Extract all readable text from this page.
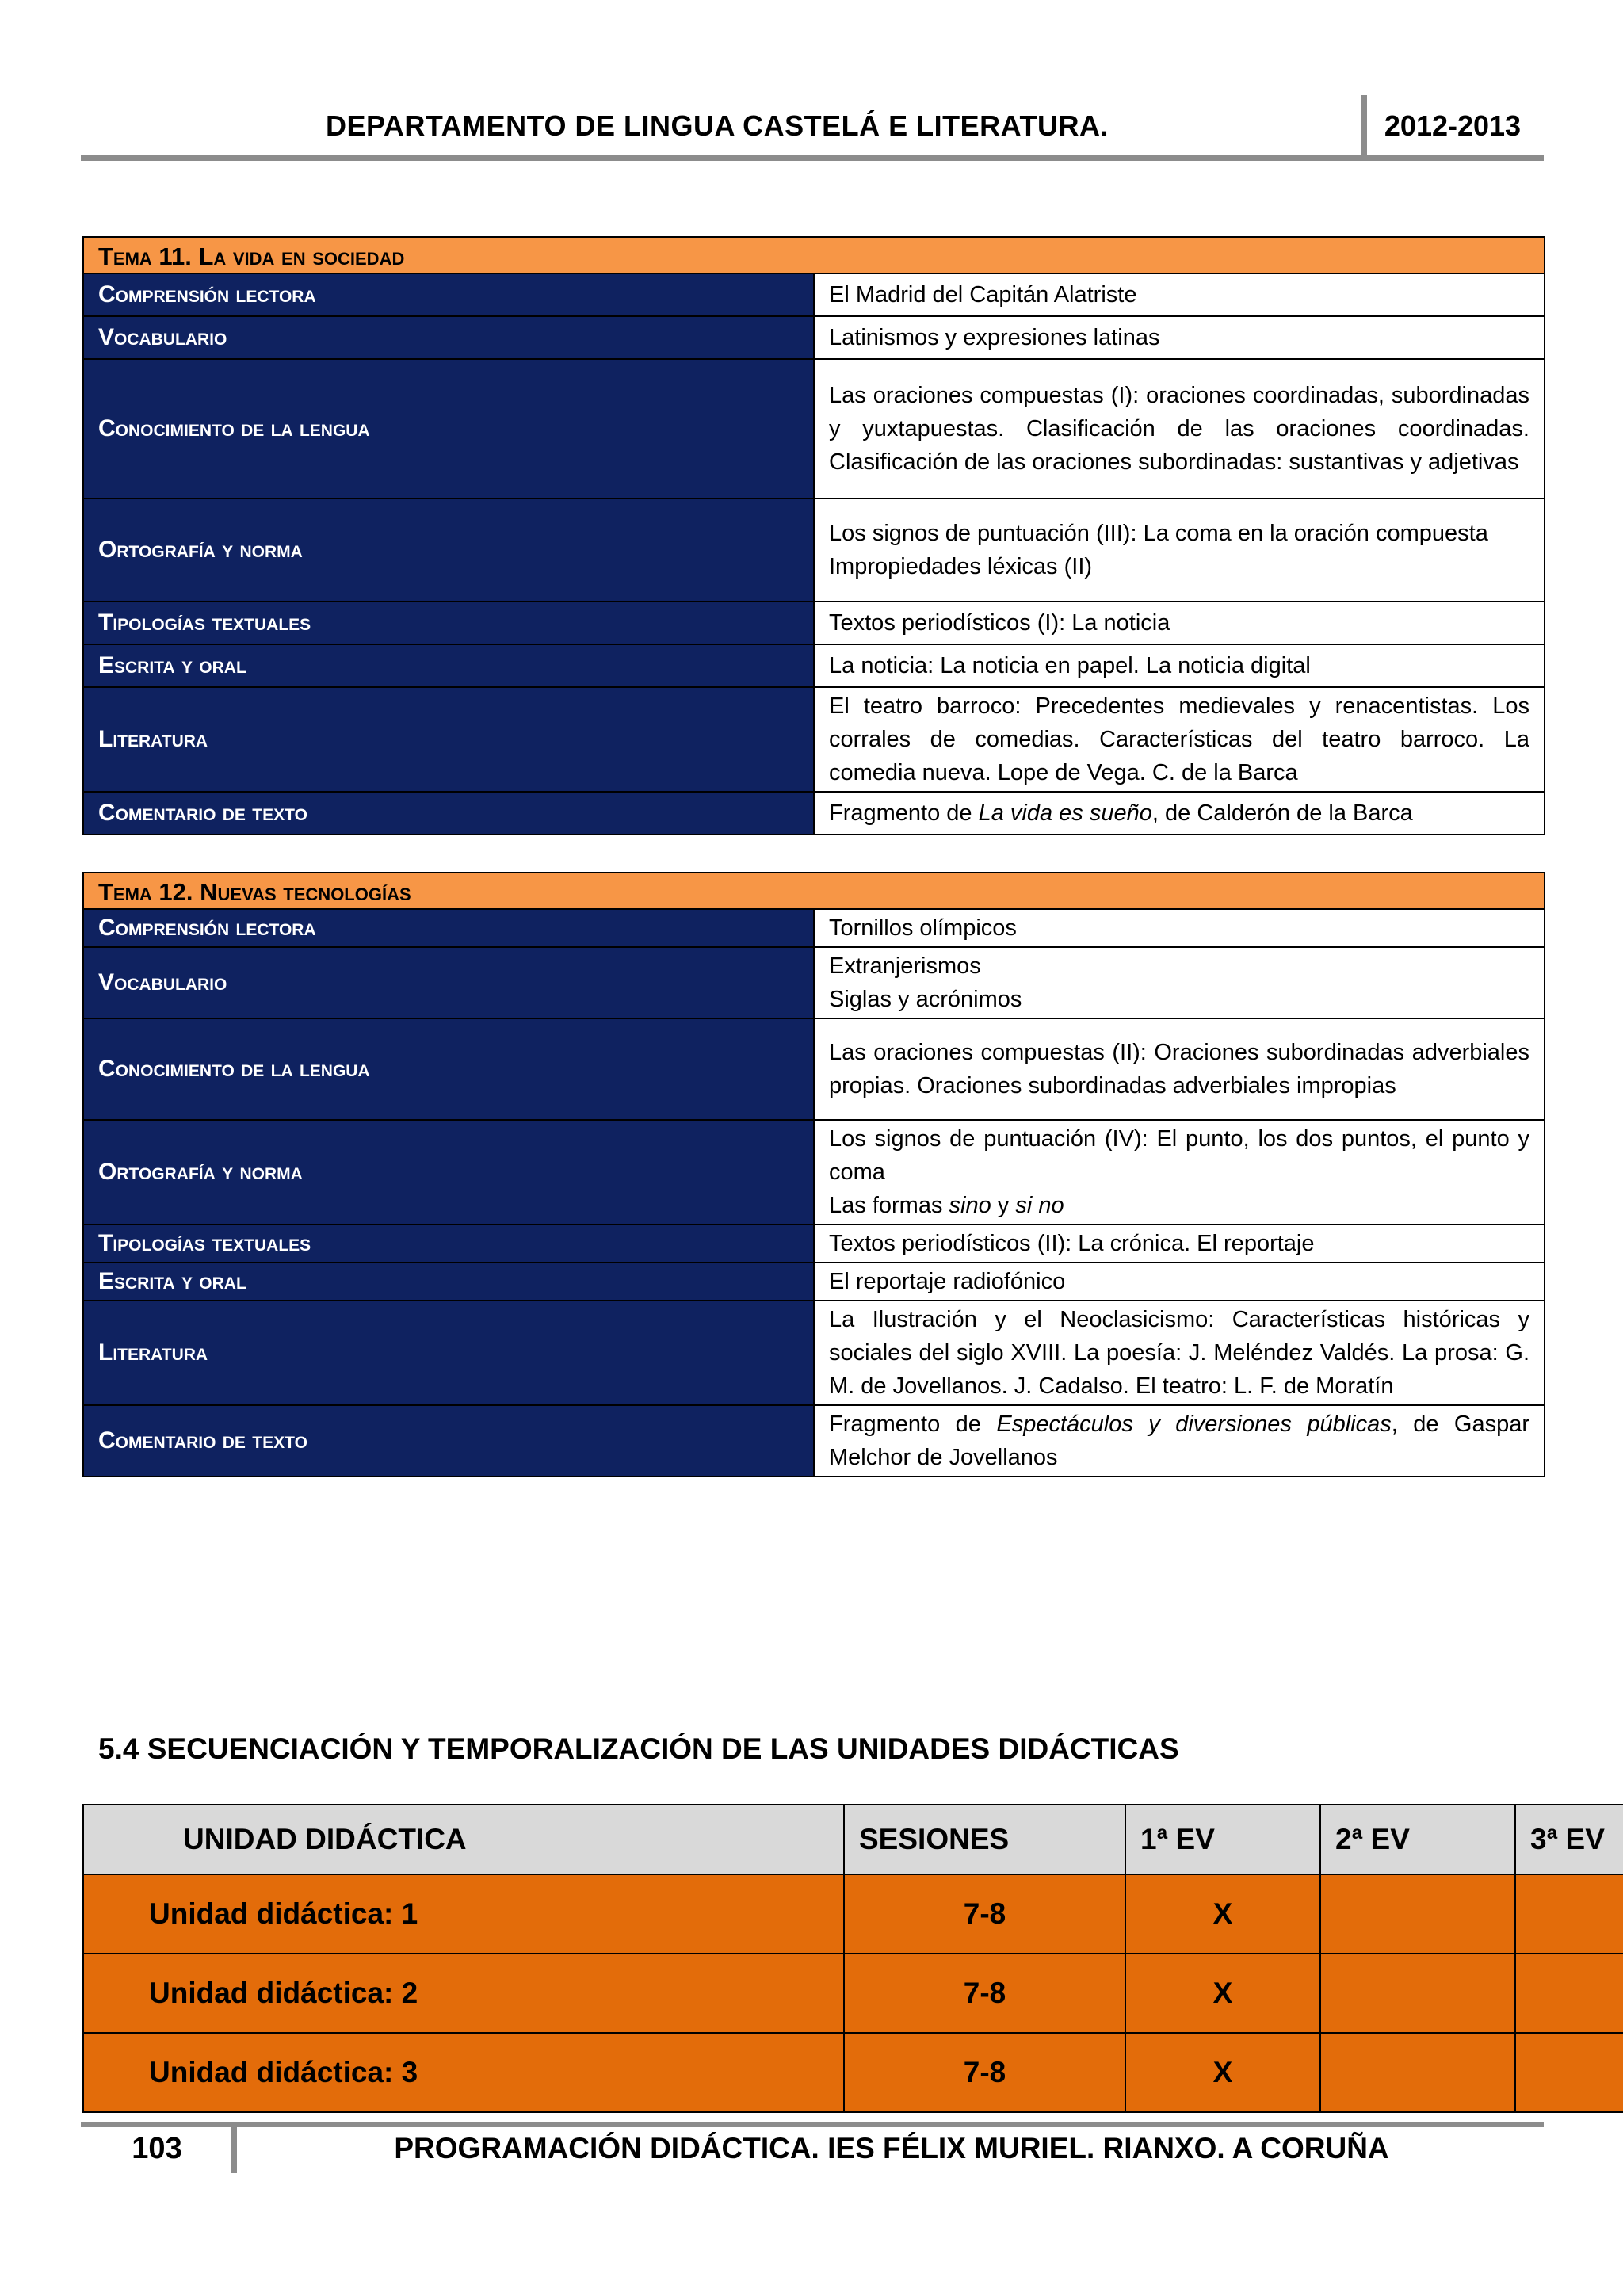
DEPARTAMENTO DE LINGUA CASTELÁ E LITERATURA.	2012-2013
Tema 11. La vida en sociedad	
Comprensión lectora	El Madrid del Capitán Alatriste
Vocabulario	Latinismos y expresiones latinas
Conocimiento de la lengua	Las oraciones compuestas (I): oraciones coordinadas, subordinadas y yuxtapuestas. Clasificación de las oraciones coordinadas. Clasificación de las oraciones subordinadas: sustantivas y adjetivas
Ortografía y norma	Los signos de puntuación (III): La coma en la oración compuesta
Impropiedades léxicas (II)

Tipologías textuales	Textos periodísticos (I): La noticia
Escrita y oral	La noticia: La noticia en papel. La noticia digital
Literatura	El teatro barroco: Precedentes medievales y renacentistas. Los corrales de comedias. Características del teatro barroco. La comedia nueva. Lope de Vega. C. de la Barca
Comentario de texto	Fragmento de La vida es sueño, de Calderón de la Barca
Tema 12. Nuevas tecnologías	
Comprensión lectora	Tornillos olímpicos
Vocabulario	Extranjerismos
Siglas y acrónimos

Conocimiento de la lengua	Las oraciones compuestas (II): Oraciones subordinadas adverbiales propias. Oraciones subordinadas adverbiales impropias
Ortografía y norma	Los signos de puntuación (IV): El punto, los dos puntos, el punto y coma
Las formas sino y si no

Tipologías textuales	Textos periodísticos (II): La crónica. El reportaje
Escrita y oral	El reportaje radiofónico
Literatura	La Ilustración y el Neoclasicismo: Características históricas y sociales del siglo XVIII. La poesía: J. Meléndez Valdés. La prosa: G. M. de Jovellanos. J. Cadalso. El teatro: L. F. de Moratín
Comentario de texto	Fragmento de Espectáculos y diversiones públicas, de Gaspar Melchor de Jovellanos
5.4 SECUENCIACIÓN Y TEMPORALIZACIÓN DE LAS UNIDADES DIDÁCTICAS
UNIDAD DIDÁCTICA	SESIONES	1ª EV	2ª EV	3ª EV
Unidad didáctica: 1	7-8	X		
Unidad didáctica: 2	7-8	X		
Unidad didáctica: 3	7-8	X		
103	PROGRAMACIÓN DIDÁCTICA. IES FÉLIX MURIEL. RIANXO. A CORUÑA
